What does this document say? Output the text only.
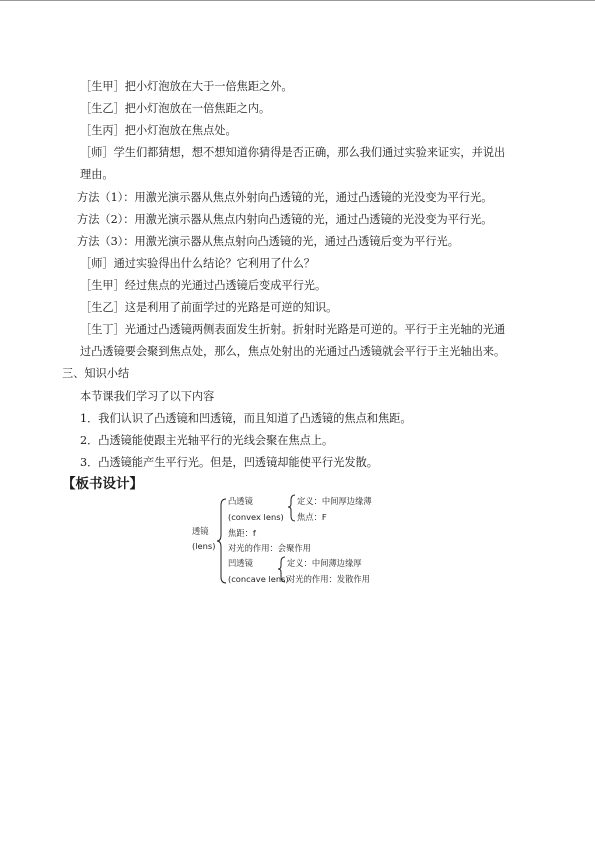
［生甲］把小灯泡放在大于一倍焦距之外。
［生乙］把小灯泡放在一倍焦距之内。
［生丙］把小灯泡放在焦点处。
［师］学生们都猜想，想不想知道你猜得是否正确，那么我们通过实验来证实，并说出
理由。
方法（1）：用激光演示器从焦点外射向凸透镜的光，通过凸透镜的光没变为平行光。
方法（2）：用激光演示器从焦点内射向凸透镜的光，通过凸透镜的光没变为平行光。
方法（3）：用激光演示器从焦点射向凸透镜的光，通过凸透镜后变为平行光。
［师］通过实验得出什么结论？它利用了什么？
［生甲］经过焦点的光通过凸透镜后变成平行光。
［生乙］这是利用了前面学过的光路是可逆的知识。
［生丁］光通过凸透镜两侧表面发生折射。折射时光路是可逆的。平行于主光轴的光通
过凸透镜要会聚到焦点处，那么，焦点处射出的光通过凸透镜就会平行于主光轴出来。
三、知识小结
本节课我们学习了以下内容
1．我们认识了凸透镜和凹透镜，而且知道了凸透镜的焦点和焦距。
2．凸透镜能使跟主光轴平行的光线会聚在焦点上。
3．凸透镜能产生平行光。但是，凹透镜却能使平行光发散。
【板书设计】
凸透镜
(convex lens)
定义：中间厚边缘薄
焦点：F
透镜
(lens)
焦距：f
对光的作用：会聚作用
凹透镜
(concave lens)
定义：中间薄边缘厚
对光的作用：发散作用
